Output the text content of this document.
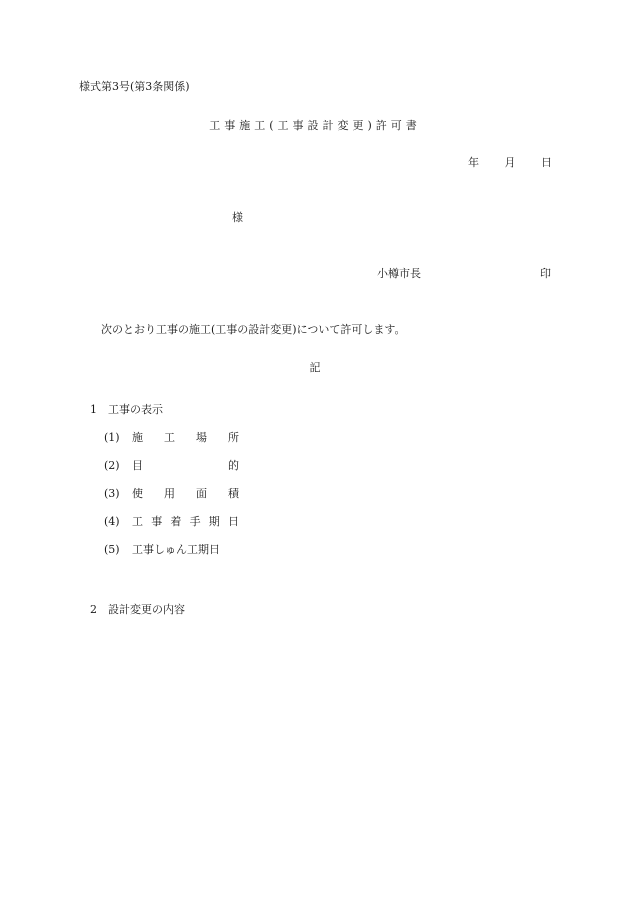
様式第3号(第3条関係)
工事施工(工事設計変更)許可書
年 月 日
様
小樽市長	印
次のとおり工事の施工(工事の設計変更)について許可します。
記
1 工事の表示
(1)	施 工 場 所
(2)	目	的
(3)	使 用 面 積
(4)	工 事 着 手 期 日
(5)	工事しゅん工期日
2 設計変更の内容
